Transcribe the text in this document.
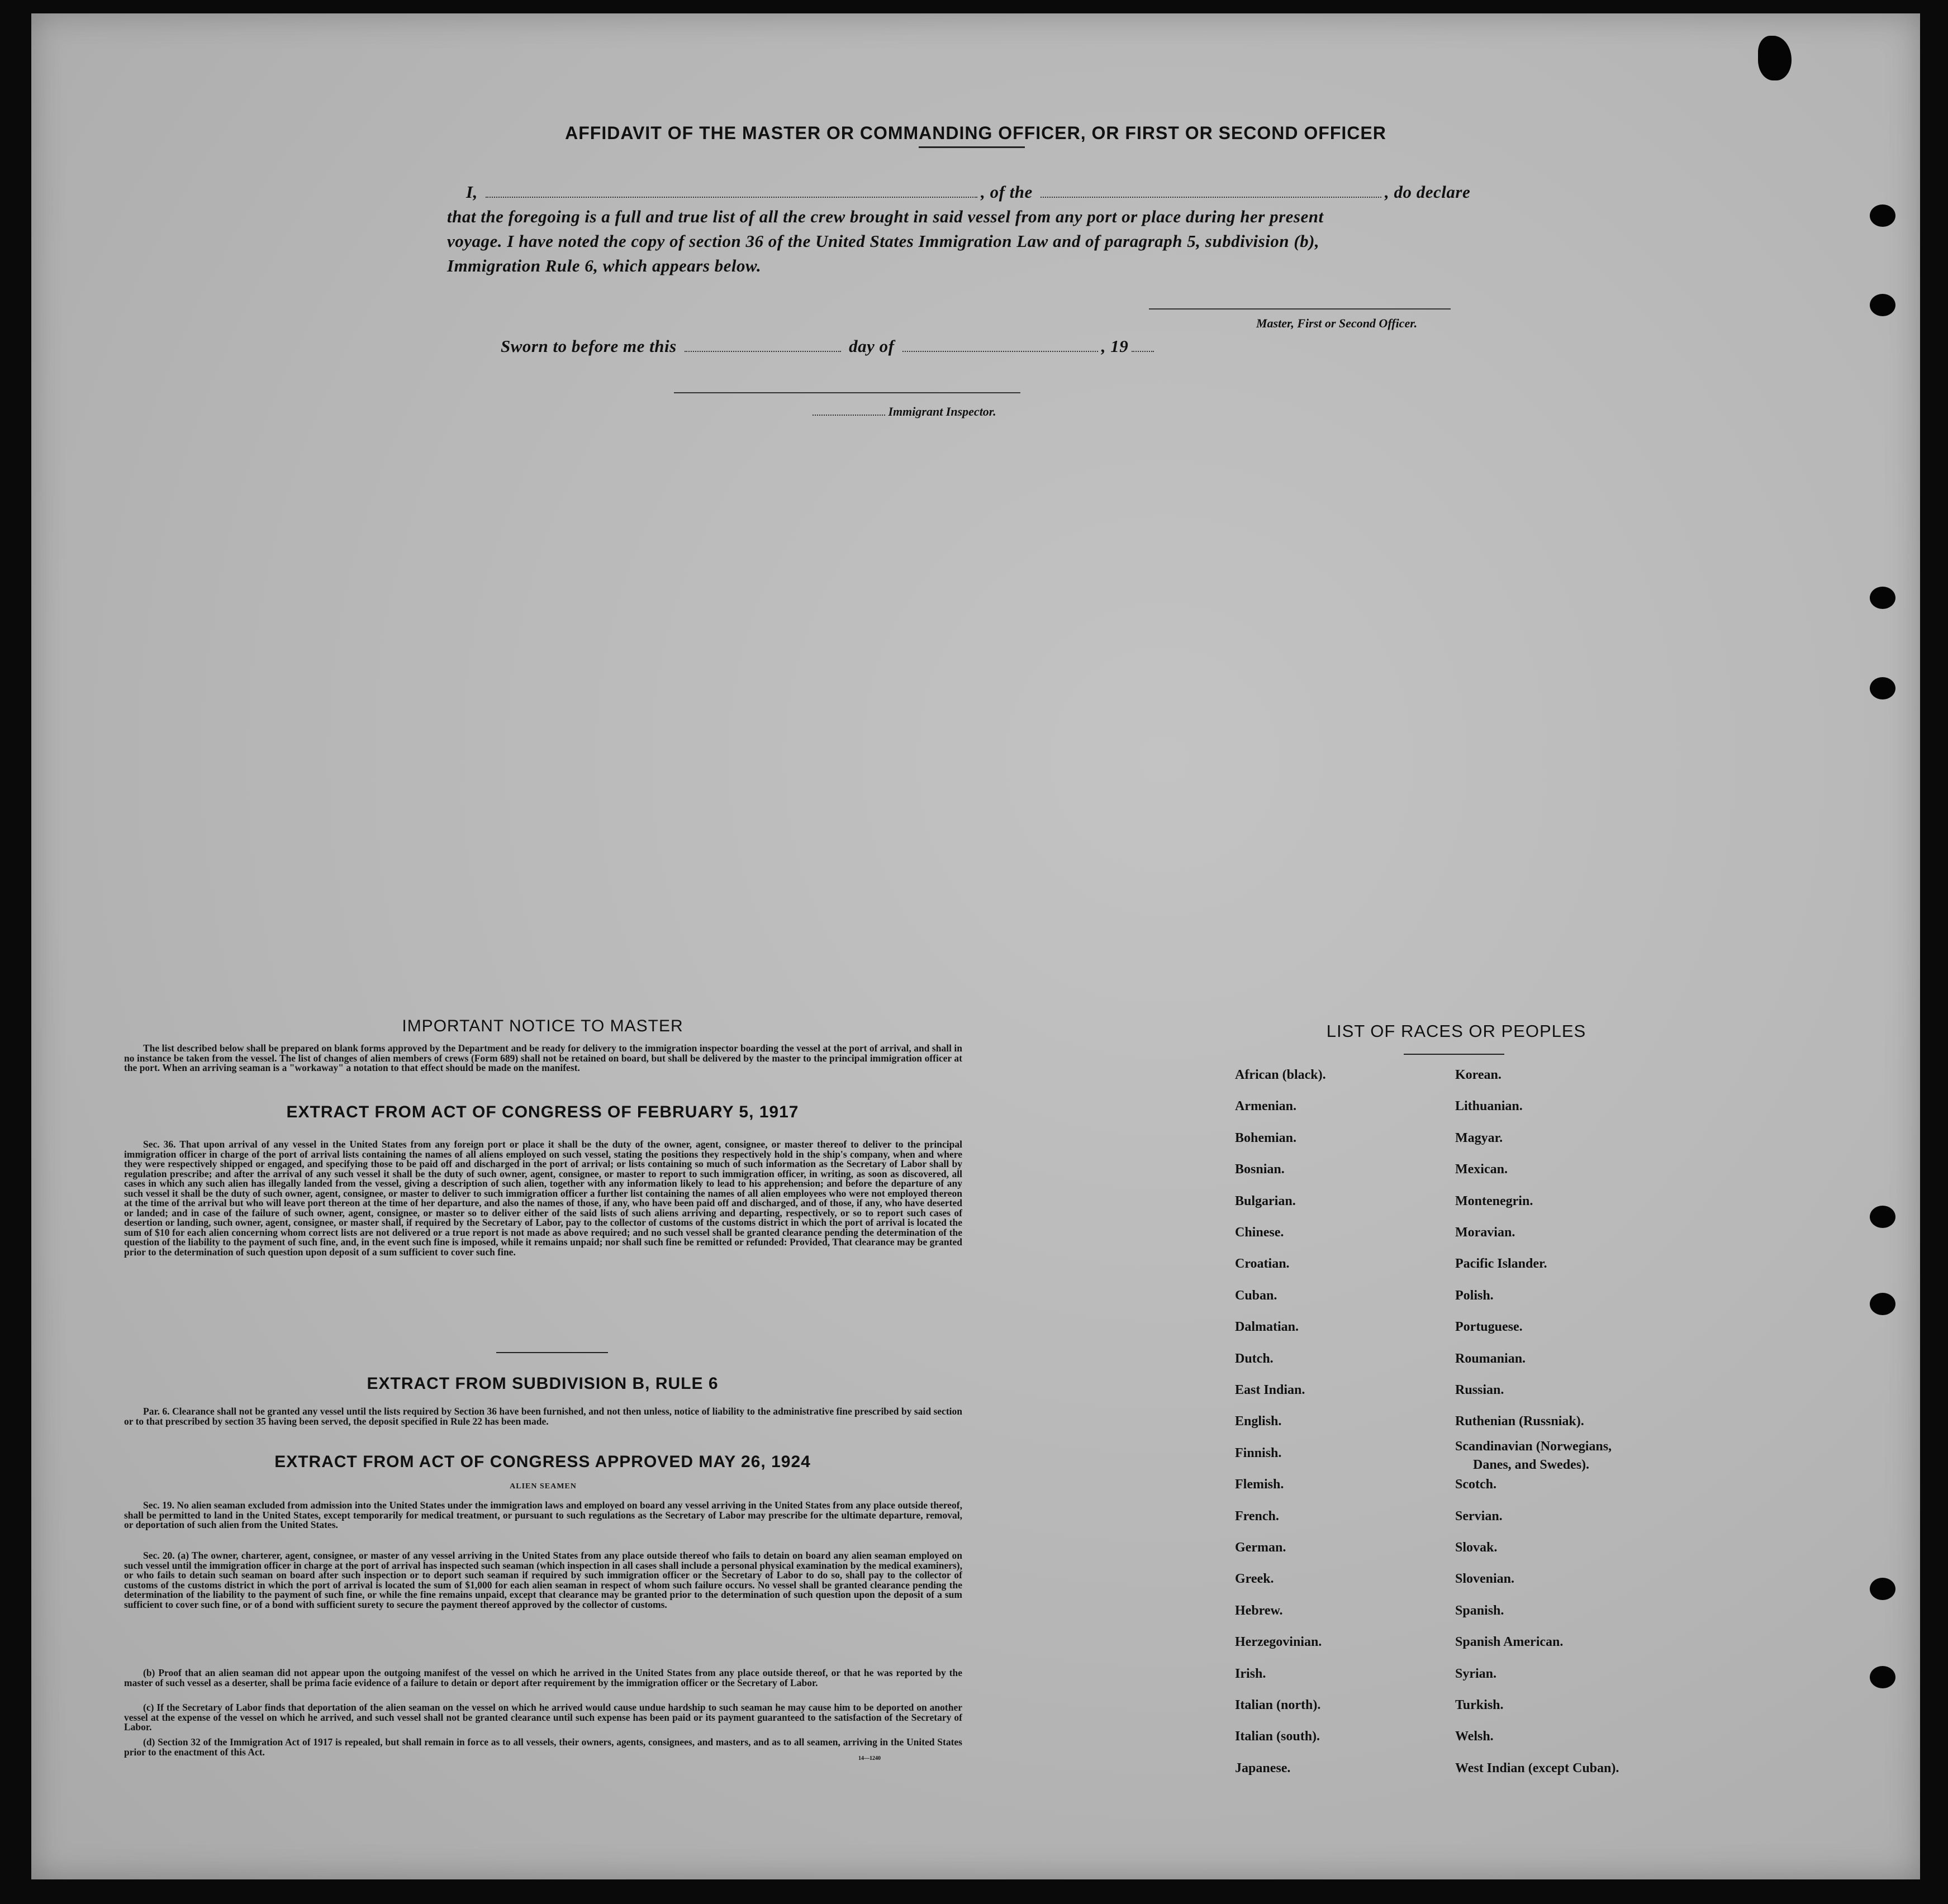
AFFIDAVIT OF THE MASTER OR COMMANDING OFFICER, OR FIRST OR SECOND OFFICER
I,	, of the	, do declare
that the foregoing is a full and true list of all the crew brought in said vessel from any port or place during her present
voyage. I have noted the copy of section 36 of the United States Immigration Law and of paragraph 5, subdivision (b),
Immigration Rule 6, which appears below.
Master, First or Second Officer.
Sworn to before me this	day of	, 19
Immigrant Inspector.
IMPORTANT NOTICE TO MASTER
The list described below shall be prepared on blank forms approved by the Department and be ready for delivery to the immigration inspector boarding the vessel at the port of arrival, and shall in no instance be taken from the vessel. The list of changes of alien members of crews (Form 689) shall not be retained on board, but shall be delivered by the master to the principal immigration officer at the port. When an arriving seaman is a "workaway" a notation to that effect should be made on the manifest.
EXTRACT FROM ACT OF CONGRESS OF FEBRUARY 5, 1917
Sec. 36. That upon arrival of any vessel in the United States from any foreign port or place it shall be the duty of the owner, agent, consignee, or master thereof to deliver to the principal immigration officer in charge of the port of arrival lists containing the names of all aliens employed on such vessel, stating the positions they respectively hold in the ship's company, when and where they were respectively shipped or engaged, and specifying those to be paid off and discharged in the port of arrival; or lists containing so much of such information as the Secretary of Labor shall by regulation prescribe; and after the arrival of any such vessel it shall be the duty of such owner, agent, consignee, or master to report to such immigration officer, in writing, as soon as discovered, all cases in which any such alien has illegally landed from the vessel, giving a description of such alien, together with any information likely to lead to his apprehension; and before the departure of any such vessel it shall be the duty of such owner, agent, consignee, or master to deliver to such immigration officer a further list containing the names of all alien employees who were not employed thereon at the time of the arrival but who will leave port thereon at the time of her departure, and also the names of those, if any, who have been paid off and discharged, and of those, if any, who have deserted or landed; and in case of the failure of such owner, agent, consignee, or master so to deliver either of the said lists of such aliens arriving and departing, respectively, or so to report such cases of desertion or landing, such owner, agent, consignee, or master shall, if required by the Secretary of Labor, pay to the collector of customs of the customs district in which the port of arrival is located the sum of $10 for each alien concerning whom correct lists are not delivered or a true report is not made as above required; and no such vessel shall be granted clearance pending the determination of the question of the liability to the payment of such fine, and, in the event such fine is imposed, while it remains unpaid; nor shall such fine be remitted or refunded: Provided, That clearance may be granted prior to the determination of such question upon deposit of a sum sufficient to cover such fine.
EXTRACT FROM SUBDIVISION B, RULE 6
Par. 6. Clearance shall not be granted any vessel until the lists required by Section 36 have been furnished, and not then unless, notice of liability to the administrative fine prescribed by said section or to that prescribed by section 35 having been served, the deposit specified in Rule 22 has been made.
EXTRACT FROM ACT OF CONGRESS APPROVED MAY 26, 1924
ALIEN SEAMEN
Sec. 19. No alien seaman excluded from admission into the United States under the immigration laws and employed on board any vessel arriving in the United States from any place outside thereof, shall be permitted to land in the United States, except temporarily for medical treatment, or pursuant to such regulations as the Secretary of Labor may prescribe for the ultimate departure, removal, or deportation of such alien from the United States.
Sec. 20. (a) The owner, charterer, agent, consignee, or master of any vessel arriving in the United States from any place outside thereof who fails to detain on board any alien seaman employed on such vessel until the immigration officer in charge at the port of arrival has inspected such seaman (which inspection in all cases shall include a personal physical examination by the medical examiners), or who fails to detain such seaman on board after such inspection or to deport such seaman if required by such immigration officer or the Secretary of Labor to do so, shall pay to the collector of customs of the customs district in which the port of arrival is located the sum of $1,000 for each alien seaman in respect of whom such failure occurs. No vessel shall be granted clearance pending the determination of the liability to the payment of such fine, or while the fine remains unpaid, except that clearance may be granted prior to the determination of such question upon the deposit of a sum sufficient to cover such fine, or of a bond with sufficient surety to secure the payment thereof approved by the collector of customs.
(b) Proof that an alien seaman did not appear upon the outgoing manifest of the vessel on which he arrived in the United States from any place outside thereof, or that he was reported by the master of such vessel as a deserter, shall be prima facie evidence of a failure to detain or deport after requirement by the immigration officer or the Secretary of Labor.
(c) If the Secretary of Labor finds that deportation of the alien seaman on the vessel on which he arrived would cause undue hardship to such seaman he may cause him to be deported on another vessel at the expense of the vessel on which he arrived, and such vessel shall not be granted clearance until such expense has been paid or its payment guaranteed to the satisfaction of the Secretary of Labor.
(d) Section 32 of the Immigration Act of 1917 is repealed, but shall remain in force as to all vessels, their owners, agents, consignees, and masters, and as to all seamen, arriving in the United States prior to the enactment of this Act.
14—1240
LIST OF RACES OR PEOPLES
African (black).
Armenian.
Bohemian.
Bosnian.
Bulgarian.
Chinese.
Croatian.
Cuban.
Dalmatian.
Dutch.
East Indian.
English.
Finnish.
Flemish.
French.
German.
Greek.
Hebrew.
Herzegovinian.
Irish.
Italian (north).
Italian (south).
Japanese.
Korean.
Lithuanian.
Magyar.
Mexican.
Montenegrin.
Moravian.
Pacific Islander.
Polish.
Portuguese.
Roumanian.
Russian.
Ruthenian (Russniak).
Scandinavian (Norwegians,
Scotch.
Servian.
Slovak.
Slovenian.
Spanish.
Spanish American.
Syrian.
Turkish.
Welsh.
West Indian (except Cuban).
Danes, and Swedes).
